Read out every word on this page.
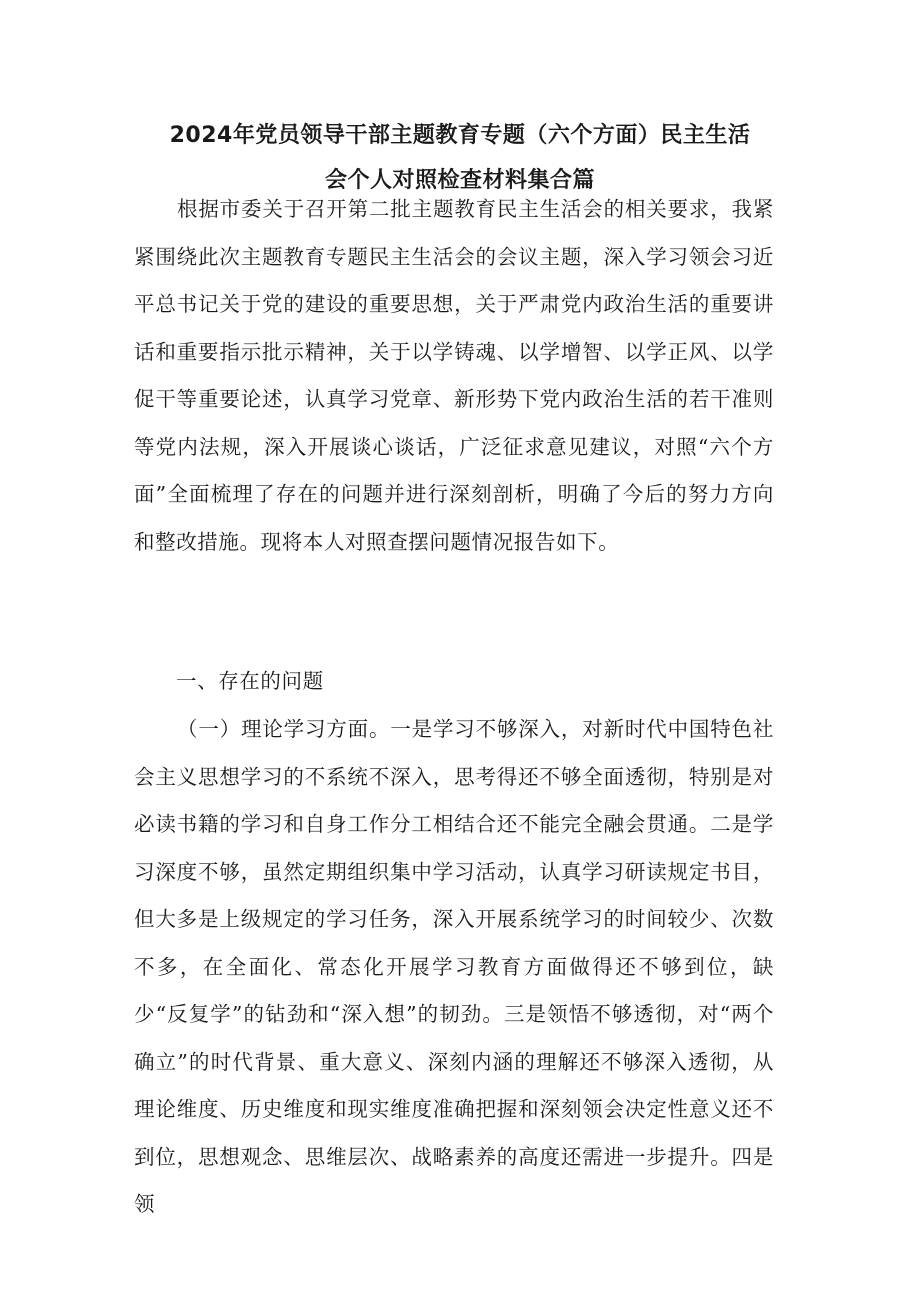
2024年党员领导干部主题教育专题（六个方面）民主生活
会个人对照检查材料集合篇

根据市委关于召开第二批主题教育民主生活会的相关要求，我紧紧围绕此次主题教育专题民主生活会的会议主题，深入学习领会习近平总书记关于党的建设的重要思想，关于严肃党内政治生活的重要讲话和重要指示批示精神，关于以学铸魂、以学增智、以学正风、以学促干等重要论述，认真学习党章、新形势下党内政治生活的若干准则等党内法规，深入开展谈心谈话，广泛征求意见建议，对照“六个方面”全面梳理了存在的问题并进行深刻剖析，明确了今后的努力方向和整改措施。现将本人对照查摆问题情况报告如下。

一、存在的问题

（一）理论学习方面。一是学习不够深入，对新时代中国特色社会主义思想学习的不系统不深入，思考得还不够全面透彻，特别是对必读书籍的学习和自身工作分工相结合还不能完全融会贯通。二是学习深度不够，虽然定期组织集中学习活动，认真学习研读规定书目，但大多是上级规定的学习任务，深入开展系统学习的时间较少、次数不多，在全面化、常态化开展学习教育方面做得还不够到位，缺少“反复学”的钻劲和“深入想”的韧劲。三是领悟不够透彻，对“两个确立”的时代背景、重大意义、深刻内涵的理解还不够深入透彻，从理论维度、历史维度和现实维度准确把握和深刻领会决定性意义还不到位，思想观念、思维层次、战略素养的高度还需进一步提升。四是领
